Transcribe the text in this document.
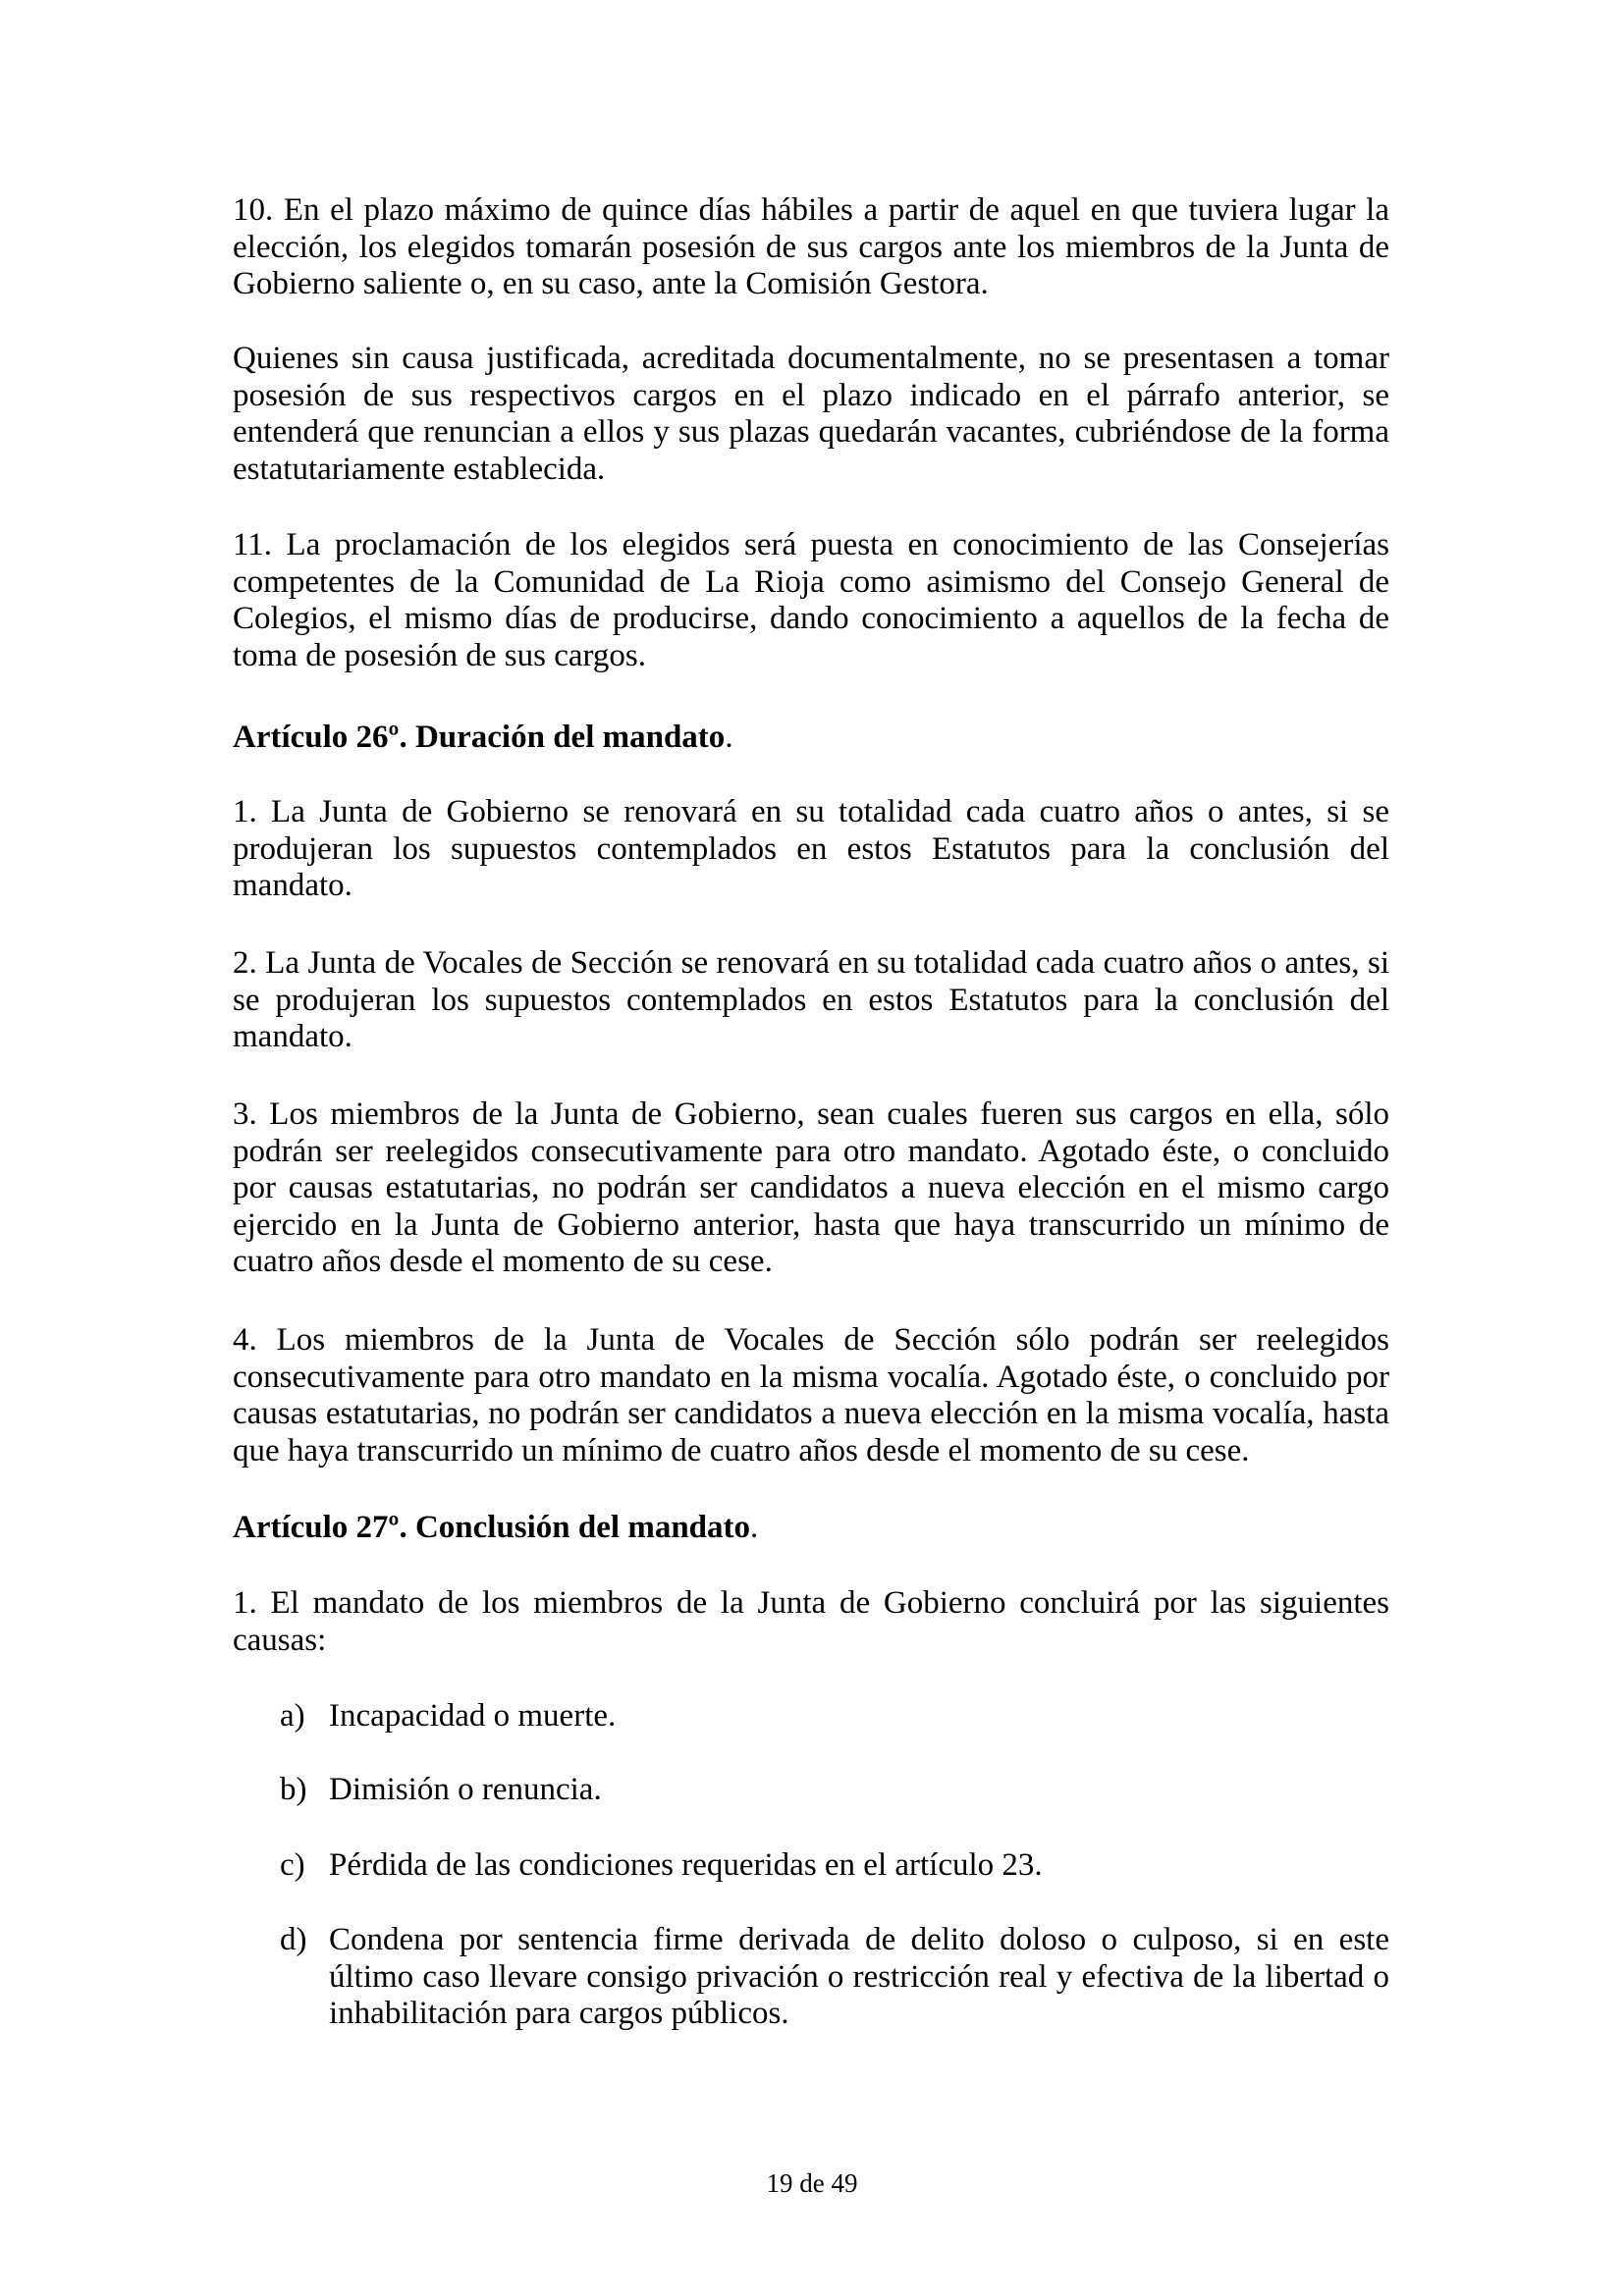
10. En el plazo máximo de quince días hábiles a partir de aquel en que tuviera lugar la elección, los elegidos tomarán posesión de sus cargos ante los miembros de la Junta de Gobierno saliente o, en su caso, ante la Comisión Gestora.

Quienes sin causa justificada, acreditada documentalmente, no se presentasen a tomar posesión de sus respectivos cargos en el plazo indicado en el párrafo anterior, se entenderá que renuncian a ellos y sus plazas quedarán vacantes, cubriéndose de la forma estatutariamente establecida.

11. La proclamación de los elegidos será puesta en conocimiento de las Consejerías competentes de la Comunidad de La Rioja como asimismo del Consejo General de Colegios, el mismo días de producirse, dando conocimiento a aquellos de la fecha de toma de posesión de sus cargos.

Artículo 26º. Duración del mandato.

1. La Junta de Gobierno se renovará en su totalidad cada cuatro años o antes, si se produjeran los supuestos contemplados en estos Estatutos para la conclusión del mandato.

2. La Junta de Vocales de Sección se renovará en su totalidad cada cuatro años o antes, si se produjeran los supuestos contemplados en estos Estatutos para la conclusión del mandato.

3. Los miembros de la Junta de Gobierno, sean cuales fueren sus cargos en ella, sólo podrán ser reelegidos consecutivamente para otro mandato. Agotado éste, o concluido por causas estatutarias, no podrán ser candidatos a nueva elección en el mismo cargo ejercido en la Junta de Gobierno anterior, hasta que haya transcurrido un mínimo de cuatro años desde el momento de su cese.

4. Los miembros de la Junta de Vocales de Sección sólo podrán ser reelegidos consecutivamente para otro mandato en la misma vocalía. Agotado éste, o concluido por causas estatutarias, no podrán ser candidatos a nueva elección en la misma vocalía, hasta que haya transcurrido un mínimo de cuatro años desde el momento de su cese.

Artículo 27º. Conclusión del mandato.

1. El mandato de los miembros de la Junta de Gobierno concluirá por las siguientes causas:

a) Incapacidad o muerte.
b) Dimisión o renuncia.
c) Pérdida de las condiciones requeridas en el artículo 23.
d) Condena por sentencia firme derivada de delito doloso o culposo, si en este último caso llevare consigo privación o restricción real y efectiva de la libertad o inhabilitación para cargos públicos.
19 de 49
